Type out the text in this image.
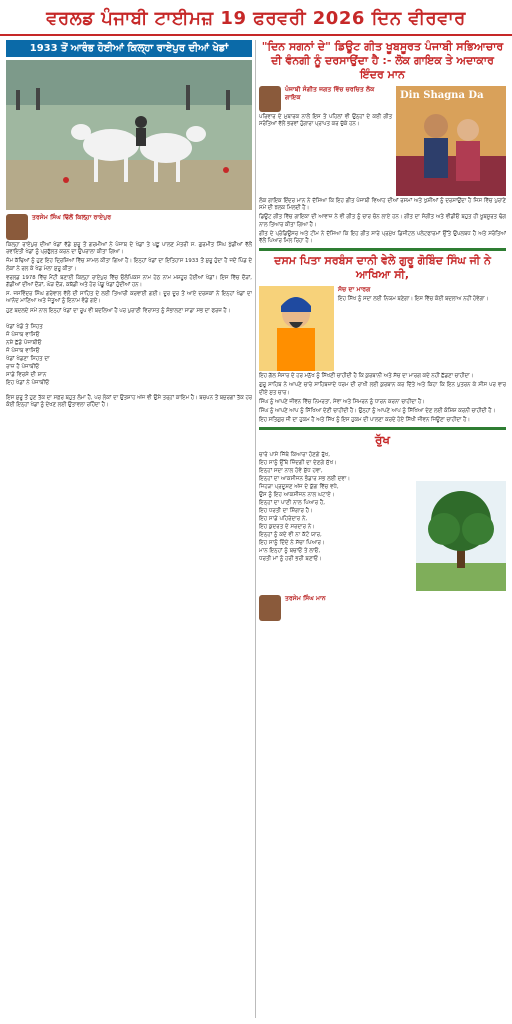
ਵਰਲਡ ਪੰਜਾਬੀ ਟਾਈਮਜ਼ 19 ਫਰਵਰੀ 2026 ਦਿਨ ਵੀਰਵਾਰ
1933 ਤੋਂ ਆਰੰਭ ਹੋਈਆਂ ਕਿਲ੍ਹਾ ਰਾਏਪੁਰ ਦੀਆਂ ਖੇਡਾਂ
ਤਰਸੇਮ ਸਿੰਘ ਢਿੱਲੋਂ ਕਿਲ੍ਹਾ ਰਾਏਪੁਰ
ਕਿਲ੍ਹਾ ਰਾਏਪੁਰ ਦੀਆਂ ਖੇਡਾਂ ਵੱਡੇ ਸ਼ੁਰੂ ਤੋਂ ਗਰਮੀਆਂ ਨੇ ਪੰਜਾਬ ਦੇ ਖੇਡਾਂ ਤੇ ਪਛੂ ਪਾਲਣ ਮੰਤਰੀ ਸ. ਗੁਰਮੀਤ ਸਿੰਘ ਖੁੱਡੀਆਂ ਵੱਲੋਂ ਰਵਾਇਤੀ ਖੇਡਾਂ ਨੂੰ ਪ੍ਰਫੁੱਲਤ ਕਰਨ ਦਾ ਉਪਰਾਲਾ ਕੀਤਾ ਗਿਆ।
ਜੰਮ ਕੱਢਿਆਂ ਨੂੰ ਹੁਣ ਇਹ ਦ੍ਰਿਸ਼ਿਆਂ ਵਿੱਚ ਸ਼ਾਮਲ ਕੀਤਾ ਗਿਆ ਹੈ। ਇਨ੍ਹਾਂ ਖੇਡਾਂ ਦਾ ਇਤਿਹਾਸ 1933 ਤੋਂ ਸ਼ੁਰੂ ਹੁੰਦਾ ਹੈ ਜਦੋਂ ਪਿੰਡ ਦੇ ਲੋਕਾਂ ਨੇ ਰਲ ਕੇ ਖੇਡ ਮੇਲਾ ਸ਼ੁਰੂ ਕੀਤਾ।
ਵਰਲਡ 1978 ਵਿੱਚ ਮੈਂਟੀ ਬਣਾਈ ਕਿਲ੍ਹਾ ਰਾਏਪੁਰ ਵਿੱਚ ਓਲੰਪਿਕਸ ਨਾਮ ਹੇਠ ਨਾਮ ਮਸ਼ਹੂਰ ਹੋਈਆਂ ਖੇਡਾਂ। ਇਸ ਵਿੱਚ ਦੌੜਾਂ, ਗੱਡੀਆਂ ਦੀਆਂ ਦੌੜਾਂ, ਘੋੜ ਦੌੜ, ਕਬੱਡੀ ਅਤੇ ਹੋਰ ਪੇਂਡੂ ਖੇਡਾਂ ਹੁੰਦੀਆਂ ਹਨ।
ਸ. ਜਸਵਿੰਦਰ ਸਿੰਘ ਗਰੇਵਾਲ ਵੱਲੋਂ ਦੀ ਸਾਹਿਤ ਦੇ ਲਈ ਤਿਆਰੀ ਕਰਵਾਈ ਗਈ। ਦੂਰ ਦੂਰ ਤੋਂ ਆਏ ਦਰਸ਼ਕਾਂ ਨੇ ਇਨ੍ਹਾਂ ਖੇਡਾਂ ਦਾ ਆਨੰਦ ਮਾਣਿਆ ਅਤੇ ਜੇਤੂਆਂ ਨੂੰ ਇਨਾਮ ਵੰਡੇ ਗਏ।
ਹੁਣ ਬਦਲਦੇ ਸਮੇਂ ਨਾਲ ਇਨ੍ਹਾਂ ਖੇਡਾਂ ਦਾ ਰੂਪ ਵੀ ਬਦਲਿਆ ਹੈ ਪਰ ਪੁਰਾਣੀ ਵਿਰਾਸਤ ਨੂੰ ਸੰਭਾਲਣਾ ਸਾਡਾ ਸਭ ਦਾ ਫਰਜ਼ ਹੈ।
ਖੇਡਾਂ ਖੇਡੋ ਤੇ ਸਿਹਤ
ਜੋ ਪੰਜਾਬ ਵਾਸਿਓ
ਨਸ਼ੇ ਛੱਡੋ ਪੰਜਾਬੀਓ
ਜੋ ਪੰਜਾਬ ਵਾਸਿਓ
ਖੇਡਾਂ ਖੇਡਣਾ ਸਿਹਤ ਦਾ
ਰਾਜ਼ ਹੈ ਪੰਜਾਬੀਓ
ਸਾਡੇ ਵਿਰਸੇ ਦੀ ਸ਼ਾਨ
ਇਹ ਖੇਡਾਂ ਨੇ ਪੰਜਾਬੀਓ
ਇਸ ਸ਼ੁਰੂ ਤੋਂ ਹੁਣ ਤੱਕ ਦਾ ਸਫ਼ਰ ਬਹੁਤ ਲੰਮਾ ਹੈ, ਪਰ ਲੋਕਾਂ ਦਾ ਉਤਸ਼ਾਹ ਅੱਜ ਵੀ ਉਸੇ ਤਰ੍ਹਾਂ ਕਾਇਮ ਹੈ। ਬਚਪਨ ਤੋਂ ਬਜ਼ੁਰਗਾਂ ਤੱਕ ਹਰ ਕੋਈ ਇਨ੍ਹਾਂ ਖੇਡਾਂ ਨੂੰ ਦੇਖਣ ਲਈ ਉਤਾਵਲਾ ਰਹਿੰਦਾ ਹੈ।
"ਦਿਨ ਸਗਨਾਂ ਦੇ" ਡਿਊਟ ਗੀਤ ਖੂਬਸੂਰਤ ਪੰਜਾਬੀ ਸਭਿਆਚਾਰ ਦੀ ਵੰਨਗੀ ਨੂੰ ਦਰਸਾਉਂਦਾ ਹੈ :- ਲੋਕ ਗਾਇਕ ਤੇ ਅਦਾਕਾਰ ਇੰਦਰ ਮਾਨ
ਪੰਜਾਬੀ ਸੰਗੀਤ ਜਗਤ ਵਿੱਚ ਚਰਚਿਤ ਲੋਕ ਗਾਇਕ
ਪਰਿਵਾਰ ਦੇ ਮੁਬਾਰਕ ਨਾਲੋਂ ਇਸ ਤੋਂ ਪਹਿਲਾਂ ਵੀ ਉਨ੍ਹਾਂ ਦੇ ਕਈ ਗੀਤ ਸਰੋਤਿਆਂ ਵੱਲੋਂ ਭਰਵਾਂ ਹੁੰਗਾਰਾ ਪ੍ਰਾਪਤ ਕਰ ਚੁੱਕੇ ਹਨ।
Din Shagna Da
ਲੋਕ ਗਾਇਕ ਇੰਦਰ ਮਾਨ ਨੇ ਦੱਸਿਆ ਕਿ ਇਹ ਗੀਤ ਪੰਜਾਬੀ ਵਿਆਹ ਦੀਆਂ ਰਸਮਾਂ ਅਤੇ ਖੁਸ਼ੀਆਂ ਨੂੰ ਦਰਸਾਉਂਦਾ ਹੈ ਜਿਸ ਵਿੱਚ ਪੁਰਾਣੇ ਸਮੇਂ ਦੀ ਝਲਕ ਮਿਲਦੀ ਹੈ।
ਡਿਊਟ ਗੀਤ ਵਿੱਚ ਗਾਇਕਾ ਦੀ ਆਵਾਜ਼ ਨੇ ਵੀ ਗੀਤ ਨੂੰ ਚਾਰ ਚੰਨ ਲਾਏ ਹਨ। ਗੀਤ ਦਾ ਸੰਗੀਤ ਅਤੇ ਵੀਡੀਓ ਬਹੁਤ ਹੀ ਖੂਬਸੂਰਤ ਢੰਗ ਨਾਲ ਤਿਆਰ ਕੀਤਾ ਗਿਆ ਹੈ।
ਗੀਤ ਦੇ ਪ੍ਰੋਡਿਊਸਰ ਅਤੇ ਟੀਮ ਨੇ ਦੱਸਿਆ ਕਿ ਇਹ ਗੀਤ ਸਾਰੇ ਪ੍ਰਮੁੱਖ ਡਿਜੀਟਲ ਪਲੇਟਫਾਰਮਾਂ ਉੱਤੇ ਉਪਲਬਧ ਹੈ ਅਤੇ ਸਰੋਤਿਆਂ ਵੱਲੋਂ ਪਿਆਰ ਮਿਲ ਰਿਹਾ ਹੈ।
ਦਸਮ ਪਿਤਾ ਸਰਬੰਸ ਦਾਨੀ ਵੇਲੇ ਗੁਰੂ ਗੋਬਿੰਦ ਸਿੰਘ ਜੀ ਨੇ ਆਖਿਆ ਸੀ,
ਸੱਚ ਦਾ ਮਾਰਗ
ਇਹ ਸਿੱਖ ਨੂੰ ਸਦਾ ਲਈ ਨਿਯਮ ਬਣੇਗਾ। ਇਸ ਵਿੱਚ ਕੋਈ ਬਦਲਾਅ ਨਹੀਂ ਹੋਵੇਗਾ।
ਇਹ ਗੱਲ ਸੰਸਾਰ ਦੇ ਹਰ ਮਨੁੱਖ ਨੂੰ ਸਿੱਖਣੀ ਚਾਹੀਦੀ ਹੈ ਕਿ ਕੁਰਬਾਨੀ ਅਤੇ ਸੱਚ ਦਾ ਮਾਰਗ ਕਦੇ ਨਹੀਂ ਛੱਡਣਾ ਚਾਹੀਦਾ।
ਗੁਰੂ ਸਾਹਿਬ ਨੇ ਆਪਣੇ ਚਾਰੇ ਸਾਹਿਬਜ਼ਾਦੇ ਧਰਮ ਦੀ ਰਾਖੀ ਲਈ ਕੁਰਬਾਨ ਕਰ ਦਿੱਤੇ ਅਤੇ ਕਿਹਾ ਕਿ ਇਨ ਪੁਤਰਨ ਕੇ ਸੀਸ ਪਰ ਵਾਰ ਦੀਏ ਸੁਤ ਚਾਰ।
ਸਿੰਘ ਨੂੰ ਆਪਣੇ ਜੀਵਨ ਵਿੱਚ ਨਿਮਰਤਾ, ਸੇਵਾ ਅਤੇ ਸਿਮਰਨ ਨੂੰ ਧਾਰਨ ਕਰਨਾ ਚਾਹੀਦਾ ਹੈ।
ਸਿੰਘ ਨੂੰ ਆਪਣੇ ਆਪ ਨੂੰ ਸਿੱਖਿਆ ਦੇਣੀ ਚਾਹੀਦੀ ਹੈ। ਉਨ੍ਹਾਂ ਨੂੰ ਆਪਣੇ ਆਪ ਨੂੰ ਸਿੱਖਿਆ ਦੇਣ ਲਈ ਕੋਸ਼ਿਸ਼ ਕਰਨੀ ਚਾਹੀਦੀ ਹੈ।
ਇਹ ਸਤਿਗੁਰ ਜੀ ਦਾ ਹੁਕਮ ਹੈ ਅਤੇ ਸਿੱਖ ਨੂੰ ਇਸ ਹੁਕਮ ਦੀ ਪਾਲਣਾ ਕਰਦੇ ਹੋਏ ਸਿੱਖੀ ਜੀਵਨ ਜਿਊਣਾ ਚਾਹੀਦਾ ਹੈ।
ਰੁੱਖ
ਚਾਰੇ ਪਾਸੇ ਜਿੱਥੇ ਕਿਆਰਾ ਹੋਣਗੇ ਰੁੱਖ,
ਇਹ ਸਾਨੂੰ ਉੱਥੇ ਜ਼ਿੰਦਗੀ ਦਾ ਦੇਣਗੇ ਸੁੱਖ।
ਇਨ੍ਹਾਂ ਸਦਾ ਨਾਲ ਹੋਵੇ ਸ਼ੁੱਧ ਹਵਾ,
ਇਨ੍ਹਾਂ ਦਾ ਆਕਸੀਜਨ ਭੰਡਾਰ ਸਭ ਲਈ ਦਵਾ।
ਜਿਹੜਾ ਪ੍ਰਦੂਸ਼ਣ ਅੱਜ ਦੇ ਯੁੱਗ ਵਿੱਚ ਵਧੇ,
ਉਸ ਨੂੰ ਇਹ ਆਕਸੀਜਨ ਨਾਲ ਘਟਾਏ।
ਇਨ੍ਹਾਂ ਦਾ ਪਾਣੀ ਨਾਲ ਪਿਆਰ ਹੈ,
ਇਹ ਧਰਤੀ ਦਾ ਸ਼ਿੰਗਾਰ ਹੈ।
ਇਹ ਸਾਡੇ ਪਹਿਰੇਦਾਰ ਨੇ,
ਇਹ ਕੁਦਰਤ ਦੇ ਸਰਦਾਰ ਨੇ।
ਇਨ੍ਹਾਂ ਨੂੰ ਕਦੇ ਵੀ ਨਾ ਕੱਟੋ ਯਾਰ,
ਇਹ ਸਾਨੂੰ ਦਿੰਦੇ ਨੇ ਸੱਚਾ ਪਿਆਰ।
ਮਾਨ ਇਨ੍ਹਾਂ ਨੂੰ ਬਚਾਓ ਤੇ ਲਾਓ,
ਧਰਤੀ ਮਾਂ ਨੂੰ ਹਰੀ ਭਰੀ ਬਣਾਓ।
ਤਰਸੇਮ ਸਿੰਘ ਮਾਨ
